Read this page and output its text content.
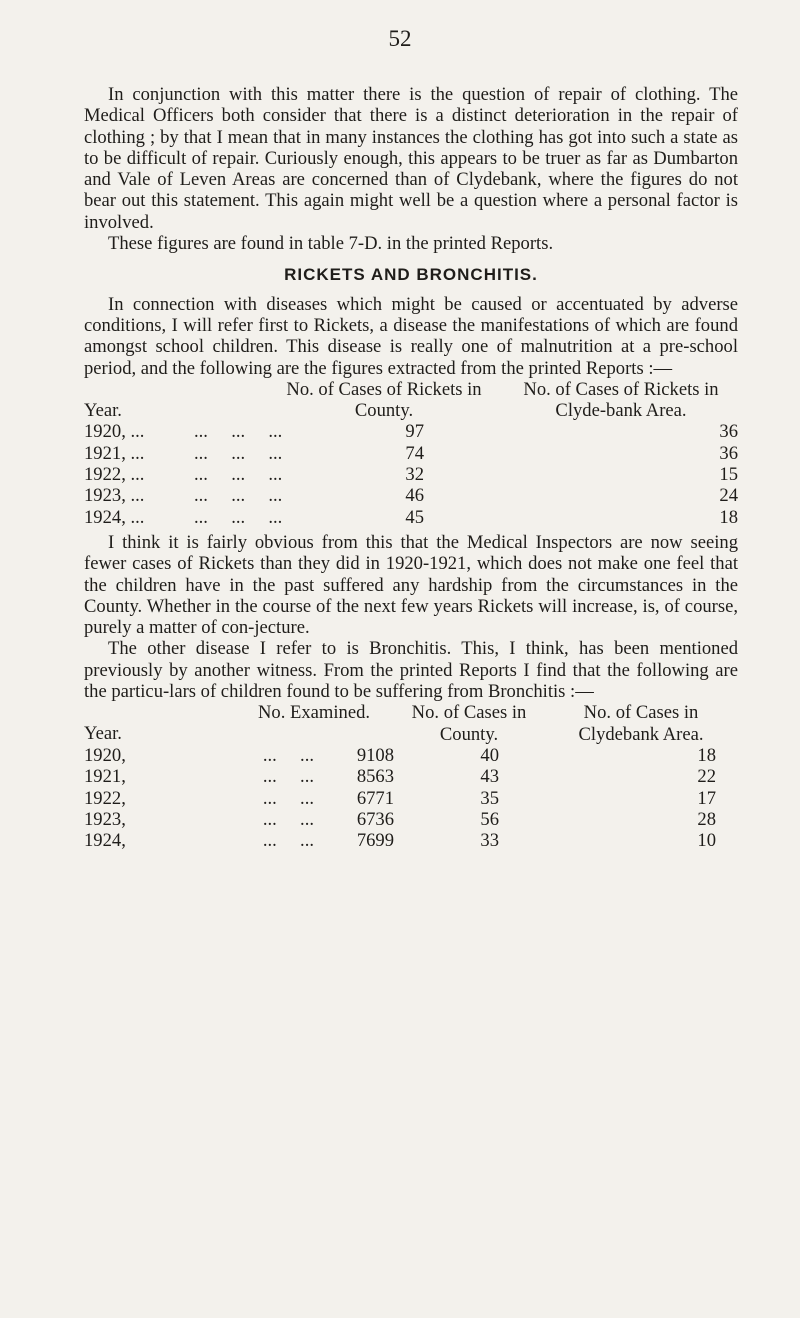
52

In conjunction with this matter there is the question of repair of clothing. The Medical Officers both consider that there is a distinct deterioration in the repair of clothing ; by that I mean that in many instances the clothing has got into such a state as to be difficult of repair. Curiously enough, this appears to be truer as far as Dumbarton and Vale of Leven Areas are concerned than of Clydebank, where the figures do not bear out this statement. This again might well be a question where a personal factor is involved.

These figures are found in table 7-D. in the printed Reports.

RICKETS AND BRONCHITIS.

In connection with diseases which might be caused or accentuated by adverse conditions, I will refer first to Rickets, a disease the manifestations of which are found amongst school children. This disease is really one of malnutrition at a pre-school period, and the following are the figures extracted from the printed Reports :—

Year.	No. of Cases of Rickets in County.	No. of Cases of Rickets in Clyde-bank Area.
1920, ...	...     ...     ...	97		36
1921, ...	...     ...     ...	74		36
1922, ...	...     ...     ...	32		15
1923, ...	...     ...     ...	46		24
1924, ...	...     ...     ...	45		18

I think it is fairly obvious from this that the Medical Inspectors are now seeing fewer cases of Rickets than they did in 1920-1921, which does not make one feel that the children have in the past suffered any hardship from the circumstances in the County. Whether in the course of the next few years Rickets will increase, is, of course, purely a matter of con-jecture.

The other disease I refer to is Bronchitis. This, I think, has been mentioned previously by another witness. From the printed Reports I find that the following are the particu-lars of children found to be suffering from Bronchitis :—

Year.	No. Examined.	No. of Cases in County.	No. of Cases in Clydebank Area.
1920,	...     ...	9108	40	18
1921,	...     ...	8563	43	22
1922,	...     ...	6771	35	17
1923,	...     ...	6736	56	28
1924,	...     ...	7699	33	10
